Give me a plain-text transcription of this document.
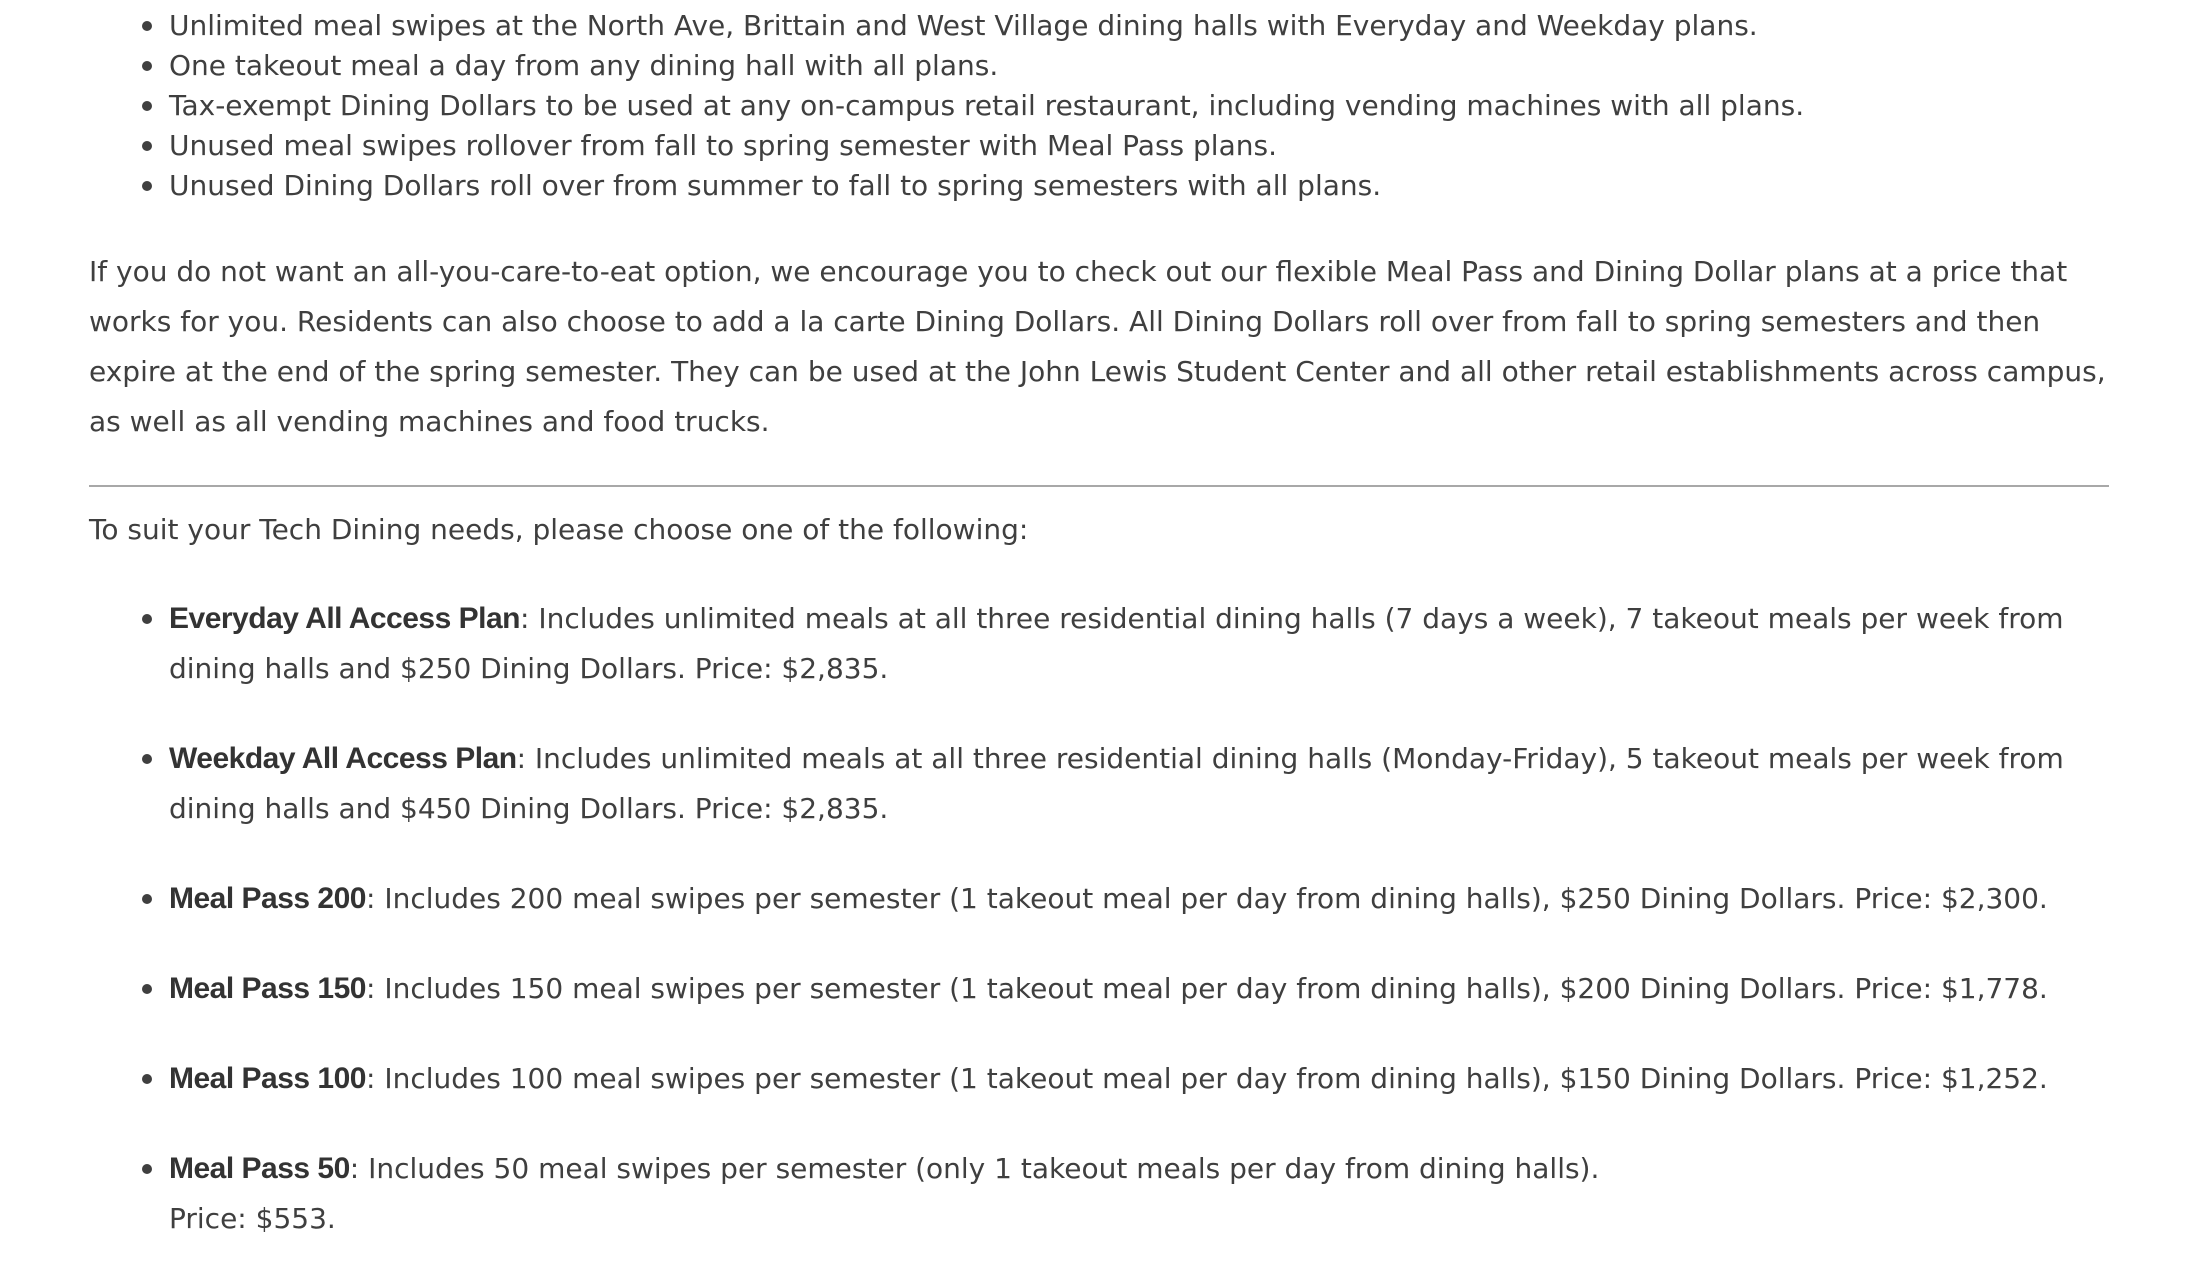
Unlimited meal swipes at the North Ave, Brittain and West Village dining halls with Everyday and Weekday plans.
One takeout meal a day from any dining hall with all plans.
Tax-exempt Dining Dollars to be used at any on-campus retail restaurant, including vending machines with all plans.
Unused meal swipes rollover from fall to spring semester with Meal Pass plans.
Unused Dining Dollars roll over from summer to fall to spring semesters with all plans.

If you do not want an all-you-care-to-eat option, we encourage you to check out our flexible Meal Pass and Dining Dollar plans at a price that works for you. Residents can also choose to add a la carte Dining Dollars. All Dining Dollars roll over from fall to spring semesters and then expire at the end of the spring semester. They can be used at the John Lewis Student Center and all other retail establishments across campus, as well as all vending machines and food trucks.

To suit your Tech Dining needs, please choose one of the following:

Everyday All Access Plan: Includes unlimited meals at all three residential dining halls (7 days a week), 7 takeout meals per week from dining halls and $250 Dining Dollars. Price: $2,835.
Weekday All Access Plan: Includes unlimited meals at all three residential dining halls (Monday-Friday), 5 takeout meals per week from dining halls and $450 Dining Dollars. Price: $2,835.
Meal Pass 200: Includes 200 meal swipes per semester (1 takeout meal per day from dining halls), $250 Dining Dollars. Price: $2,300.
Meal Pass 150: Includes 150 meal swipes per semester (1 takeout meal per day from dining halls), $200 Dining Dollars. Price: $1,778.
Meal Pass 100: Includes 100 meal swipes per semester (1 takeout meal per day from dining halls), $150 Dining Dollars. Price: $1,252.
Meal Pass 50: Includes 50 meal swipes per semester (only 1 takeout meals per day from dining halls).
Price: $553.
